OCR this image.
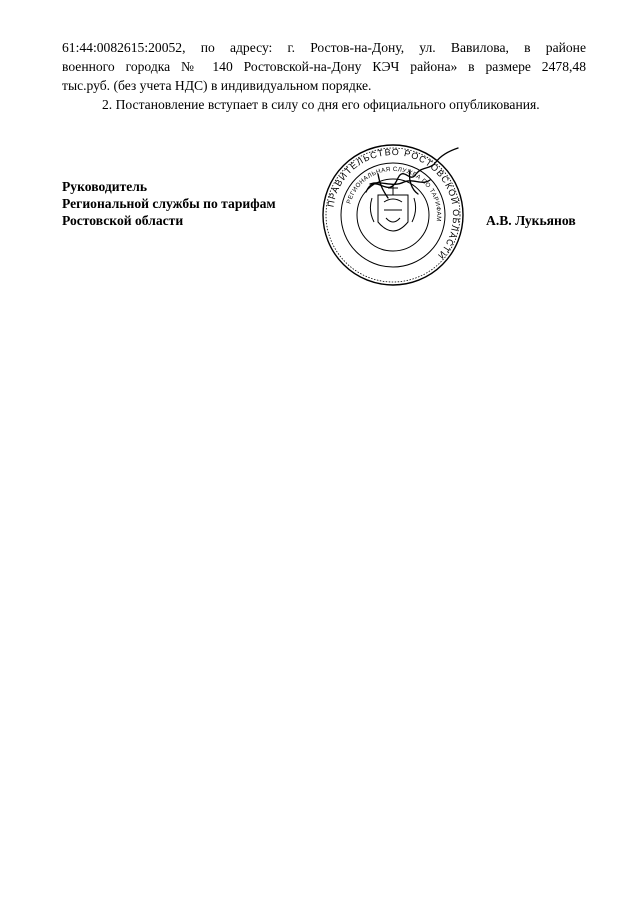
61:44:0082615:20052, по адресу: г. Ростов-на-Дону, ул. Вавилова, в районе
военного городка № 140 Ростовской-на-Дону КЭЧ района» в размере 2478,48
тыс.руб. (без учета НДС) в индивидуальном порядке.

2. Постановление вступает в силу со дня его официального опубликования.

Руководитель
Региональной службы по тарифам
Ростовской области
ПРАВИТЕЛЬСТВО РОСТОВСКОЙ ОБЛАСТИ
РЕГИОНАЛЬНАЯ СЛУЖБА ПО ТАРИФАМ	А.В. Лукьянов
